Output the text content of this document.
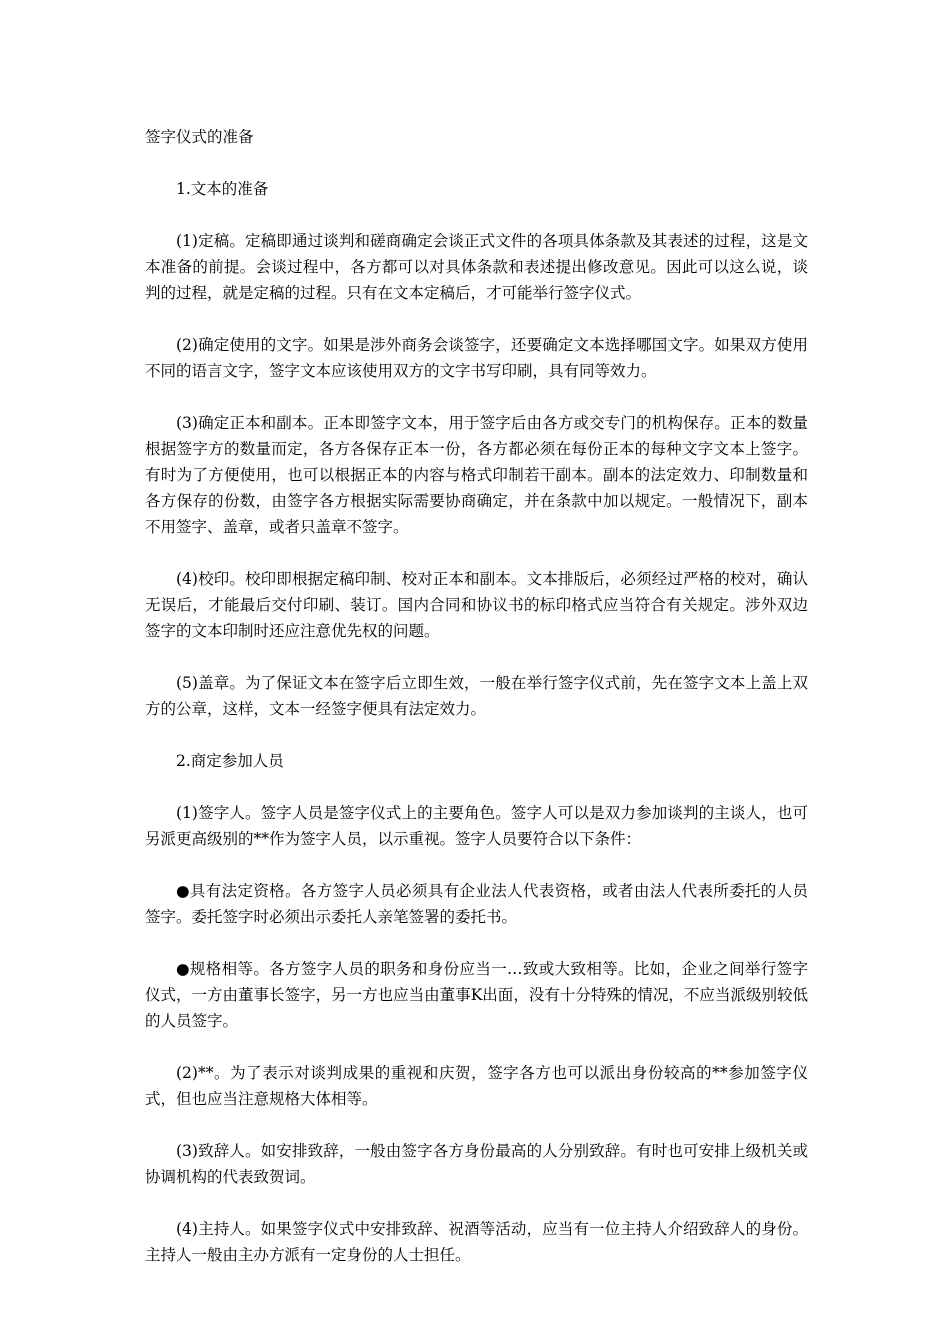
签字仪式的准备

1.文本的准备

(1)定稿。定稿即通过谈判和磋商确定会谈正式文件的各项具体条款及其表述的过程，这是文本准备的前提。会谈过程中，各方都可以对具体条款和表述提出修改意见。因此可以这么说，谈判的过程，就是定稿的过程。只有在文本定稿后，才可能举行签字仪式。

(2)确定使用的文字。如果是涉外商务会谈签字，还要确定文本选择哪国文字。如果双方使用不同的语言文字，签字文本应该使用双方的文字书写印刷，具有同等效力。

(3)确定正本和副本。正本即签字文本，用于签字后由各方或交专门的机构保存。正本的数量根据签字方的数量而定，各方各保存正本一份，各方都必须在每份正本的每种文字文本上签字。有时为了方便使用，也可以根据正本的内容与格式印制若干副本。副本的法定效力、印制数量和各方保存的份数，由签字各方根据实际需要协商确定，并在条款中加以规定。一般情况下，副本不用签字、盖章，或者只盖章不签字。

(4)校印。校印即根据定稿印制、校对正本和副本。文本排版后，必须经过严格的校对，确认无误后，才能最后交付印刷、装订。国内合同和协议书的标印格式应当符合有关规定。涉外双边签字的文本印制时还应注意优先权的问题。

(5)盖章。为了保证文本在签字后立即生效，一般在举行签字仪式前，先在签字文本上盖上双方的公章，这样，文本一经签字便具有法定效力。

2.商定参加人员

(1)签字人。签字人员是签字仪式上的主要角色。签字人可以是双力参加谈判的主谈人，也可另派更高级别的**作为签字人员，以示重视。签字人员要符合以下条件：

●具有法定资格。各方签字人员必须具有企业法人代表资格，或者由法人代表所委托的人员签字。委托签字时必须出示委托人亲笔签署的委托书。

●规格相等。各方签字人员的职务和身份应当一…致或大致相等。比如，企业之间举行签字仪式，一方由董事长签字，另一方也应当由董事K出面，没有十分特殊的情况，不应当派级别较低的人员签字。

(2)**。为了表示对谈判成果的重视和庆贺，签字各方也可以派出身份较高的**参加签字仪式，但也应当注意规格大体相等。

(3)致辞人。如安排致辞，一般由签字各方身份最高的人分别致辞。有时也可安排上级机关或协调机构的代表致贺词。

(4)主持人。如果签字仪式中安排致辞、祝酒等活动，应当有一位主持人介绍致辞人的身份。主持人一般由主办方派有一定身份的人士担任。
